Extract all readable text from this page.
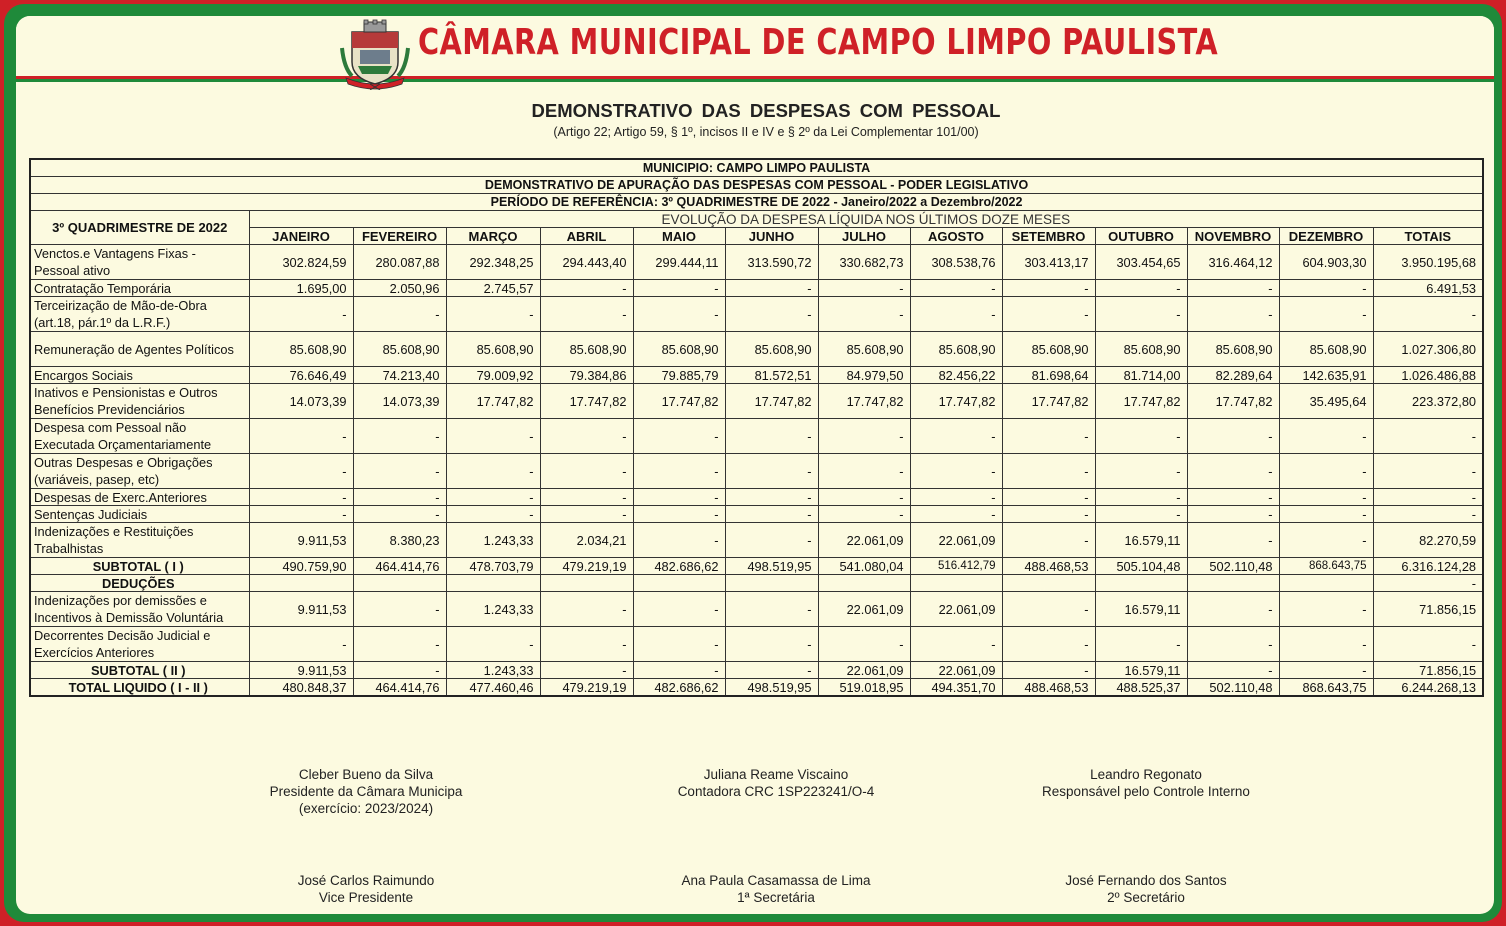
CÂMARA MUNICIPAL DE CAMPO LIMPO PAULISTA
DEMONSTRATIVO DAS DESPESAS COM PESSOAL
(Artigo 22; Artigo 59, § 1º, incisos II e IV e § 2º da Lei Complementar 101/00)
MUNICIPIO: CAMPO LIMPO PAULISTA													
DEMONSTRATIVO DE APURAÇÃO DAS DESPESAS COM PESSOAL - PODER LEGISLATIVO													
PERÍODO DE REFERÊNCIA: 3º QUADRIMESTRE DE 2022 - Janeiro/2022 a Dezembro/2022													
3º QUADRIMESTRE DE 2022	EVOLUÇÃO DA DESPESA LÍQUIDA NOS ÚLTIMOS DOZE MESES												
	JANEIRO	FEVEREIRO	MARÇO	ABRIL	MAIO	JUNHO	JULHO	AGOSTO	SETEMBRO	OUTUBRO	NOVEMBRO	DEZEMBRO	TOTAIS
Venctos.e Vantagens Fixas - Pessoal ativo	302.824,59	280.087,88	292.348,25	294.443,40	299.444,11	313.590,72	330.682,73	308.538,76	303.413,17	303.454,65	316.464,12	604.903,30	3.950.195,68
Contratação Temporária	1.695,00	2.050,96	2.745,57	-	-	-	-	-	-	-	-	-	6.491,53
Terceirização de Mão-de-Obra (art.18, pár.1º da L.R.F.)	-	-	-	-	-	-	-	-	-	-	-	-	-
Remuneração de Agentes Políticos	85.608,90	85.608,90	85.608,90	85.608,90	85.608,90	85.608,90	85.608,90	85.608,90	85.608,90	85.608,90	85.608,90	85.608,90	1.027.306,80
Encargos Sociais	76.646,49	74.213,40	79.009,92	79.384,86	79.885,79	81.572,51	84.979,50	82.456,22	81.698,64	81.714,00	82.289,64	142.635,91	1.026.486,88
Inativos e Pensionistas e Outros Benefícios Previdenciários	14.073,39	14.073,39	17.747,82	17.747,82	17.747,82	17.747,82	17.747,82	17.747,82	17.747,82	17.747,82	17.747,82	35.495,64	223.372,80
Despesa com Pessoal não Executada Orçamentariamente	-	-	-	-	-	-	-	-	-	-	-	-	-
Outras Despesas e Obrigações (variáveis, pasep, etc)	-	-	-	-	-	-	-	-	-	-	-	-	-
Despesas de Exerc.Anteriores	-	-	-	-	-	-	-	-	-	-	-	-	-
Sentenças Judiciais	-	-	-	-	-	-	-	-	-	-	-	-	-
Indenizações e Restituições Trabalhistas	9.911,53	8.380,23	1.243,33	2.034,21	-	-	22.061,09	22.061,09	-	16.579,11	-	-	82.270,59
SUBTOTAL ( I )	490.759,90	464.414,76	478.703,79	479.219,19	482.686,62	498.519,95	541.080,04	516.412,79	488.468,53	505.104,48	502.110,48	868.643,75	6.316.124,28
DEDUÇÕES													-
Indenizações por demissões e Incentivos à Demissão Voluntária	9.911,53	-	1.243,33	-	-	-	22.061,09	22.061,09	-	16.579,11	-	-	71.856,15
Decorrentes Decisão Judicial e Exercícios Anteriores	-	-	-	-	-	-	-	-	-	-	-	-	-
SUBTOTAL ( II )	9.911,53	-	1.243,33	-	-	-	22.061,09	22.061,09	-	16.579,11	-	-	71.856,15
TOTAL LIQUIDO ( I - II )	480.848,37	464.414,76	477.460,46	479.219,19	482.686,62	498.519,95	519.018,95	494.351,70	488.468,53	488.525,37	502.110,48	868.643,75	6.244.268,13
Cleber Bueno da Silva
Presidente da Câmara Municipa
(exercício: 2023/2024)
Juliana Reame Viscaino
Contadora CRC 1SP223241/O-4
Leandro Regonato
Responsável pelo Controle Interno
José Carlos Raimundo
Vice Presidente
Ana Paula Casamassa de Lima
1ª Secretária
José Fernando dos Santos
2º Secretário
